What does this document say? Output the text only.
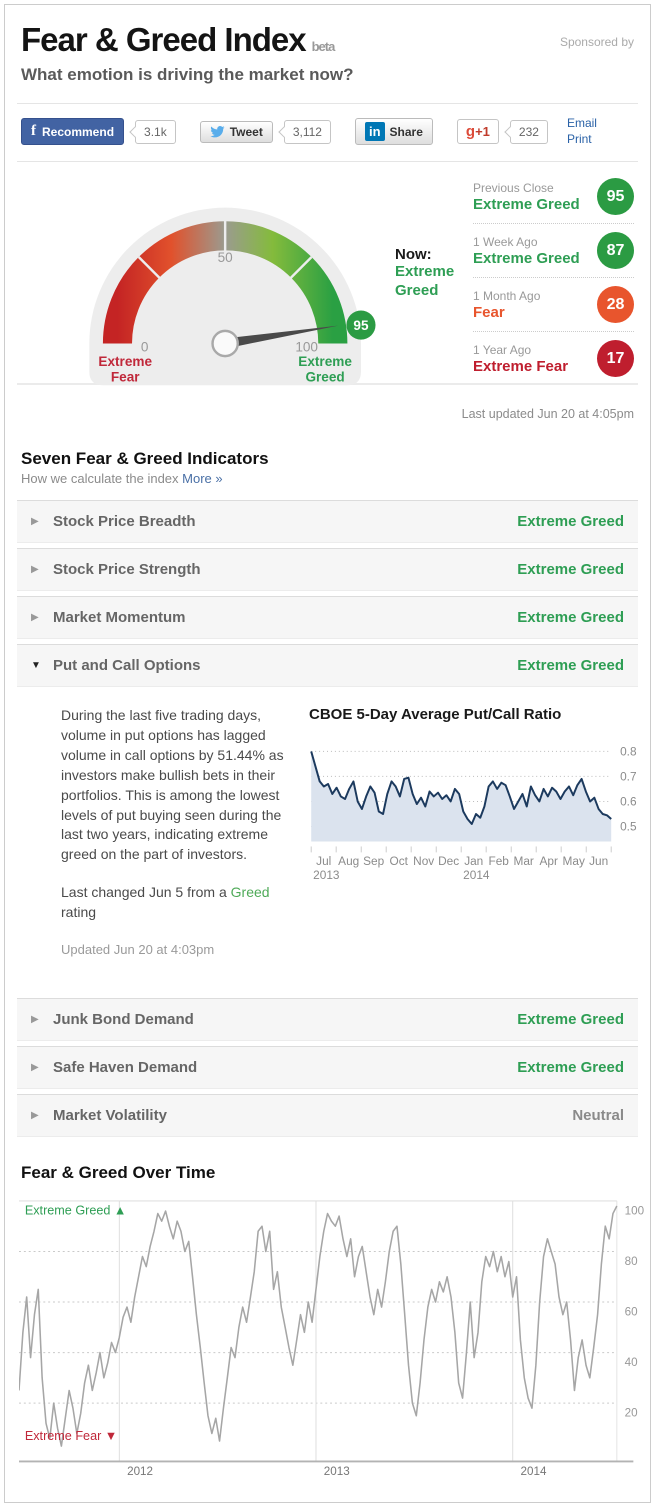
Sponsored by
Fear & Greed Index beta
What emotion is driving the market now?
f Recommend	3.1k	Tweet	3,112	in Share	g+1	232
Email
Print
50
0	100
95
Extreme
Fear
Extreme
Greed
Now:
Extreme Greed
Previous Close
Extreme Greed	95
1 Week Ago
Extreme Greed	87
1 Month Ago
Fear	28
1 Year Ago
Extreme Fear	17
Last updated Jun 20 at 4:05pm
Seven Fear & Greed Indicators
How we calculate the index More »
▶ Stock Price Breadth	Extreme Greed
▶ Stock Price Strength	Extreme Greed
▶ Market Momentum	Extreme Greed
▼ Put and Call Options	Extreme Greed

During the last five trading days, volume in put options has lagged volume in call options by 51.44% as investors make bullish bets in their portfolios. This is among the lowest levels of put buying seen during the last two years, indicating extreme greed on the part of investors.

Last changed Jun 5 from a Greed rating

Updated Jun 20 at 4:03pm

CBOE 5-Day Average Put/Call Ratio
0.5
0.6
0.7
0.8
Jul Aug Sep Oct Nov Dec Jan Feb Mar Apr May Jun
2013	2014
▶ Junk Bond Demand	Extreme Greed
▶ Safe Haven Demand	Extreme Greed
▶ Market Volatility	Neutral
Fear & Greed Over Time
20
40
60
80
100
2012	2013	2014
Extreme Greed ▲
Extreme Fear ▼
